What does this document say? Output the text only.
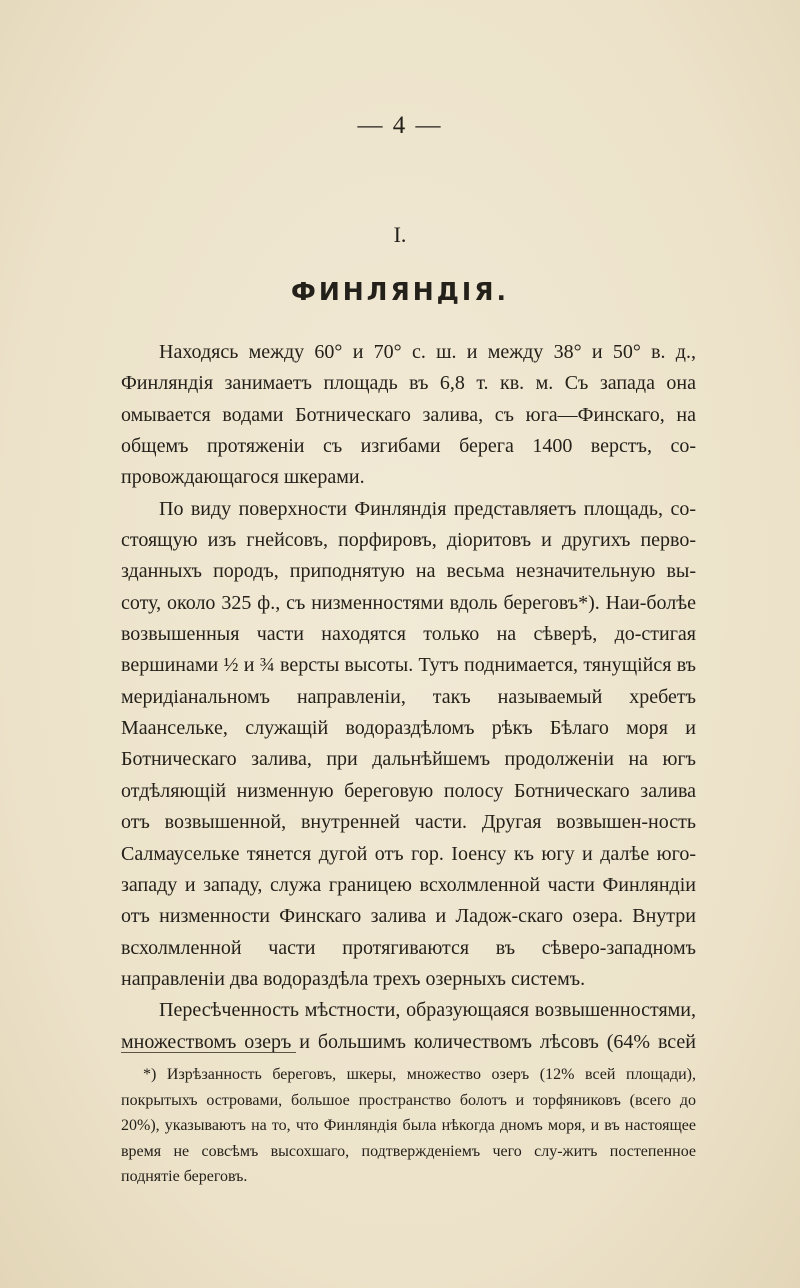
— 4 —
I.
ФИНЛЯНДІЯ.

Находясь между 60° и 70° с. ш. и между 38° и 50° в. д., Финляндія занимаетъ площадь въ 6,8 т. кв. м. Съ запада она омывается водами Ботническаго залива, съ юга—Финскаго, на общемъ протяженіи съ изгибами берега 1400 верстъ, со-провождающагося шкерами.

По виду поверхности Финляндія представляетъ площадь, со-стоящую изъ гнейсовъ, порфировъ, діоритовъ и другихъ перво-зданныхъ породъ, приподнятую на весьма незначительную вы-соту, около 325 ф., съ низменностями вдоль береговъ*). Наи-болѣе возвышенныя части находятся только на сѣверѣ, до-стигая вершинами ½ и ¾ версты высоты. Тутъ поднимается, тянущійся въ меридіанальномъ направленіи, такъ называемый хребетъ Маанселькe, служащій водораздѣломъ рѣкъ Бѣлаго моря и Ботническаго залива, при дальнѣйшемъ продолженіи на югъ отдѣляющій низменную береговую полосу Ботническаго залива отъ возвышенной, внутренней части. Другая возвышен-ность Салмауселькe тянется дугой отъ гор. Іоенсу къ югу и далѣе юго-западу и западу, служа границею всхолмленной части Финляндіи отъ низменности Финскаго залива и Ладож-скаго озера. Внутри всхолмленной части протягиваются въ сѣверо-западномъ направленіи два водораздѣла трехъ озерныхъ системъ.

Пересѣченность мѣстности, образующаяся возвышенностями, множествомъ озеръ и большимъ количествомъ лѣсовъ (64% всей

*) Изрѣзанность береговъ, шкеры, множество озеръ (12% всей площади), покрытыхъ островами, большое пространство болотъ и торфяниковъ (всего до 20%), указываютъ на то, что Финляндія была нѣкогда дномъ моря, и въ настоящее время не совсѣмъ высохшаго, подтвержденіемъ чего слу-житъ постепенное поднятіе береговъ.
